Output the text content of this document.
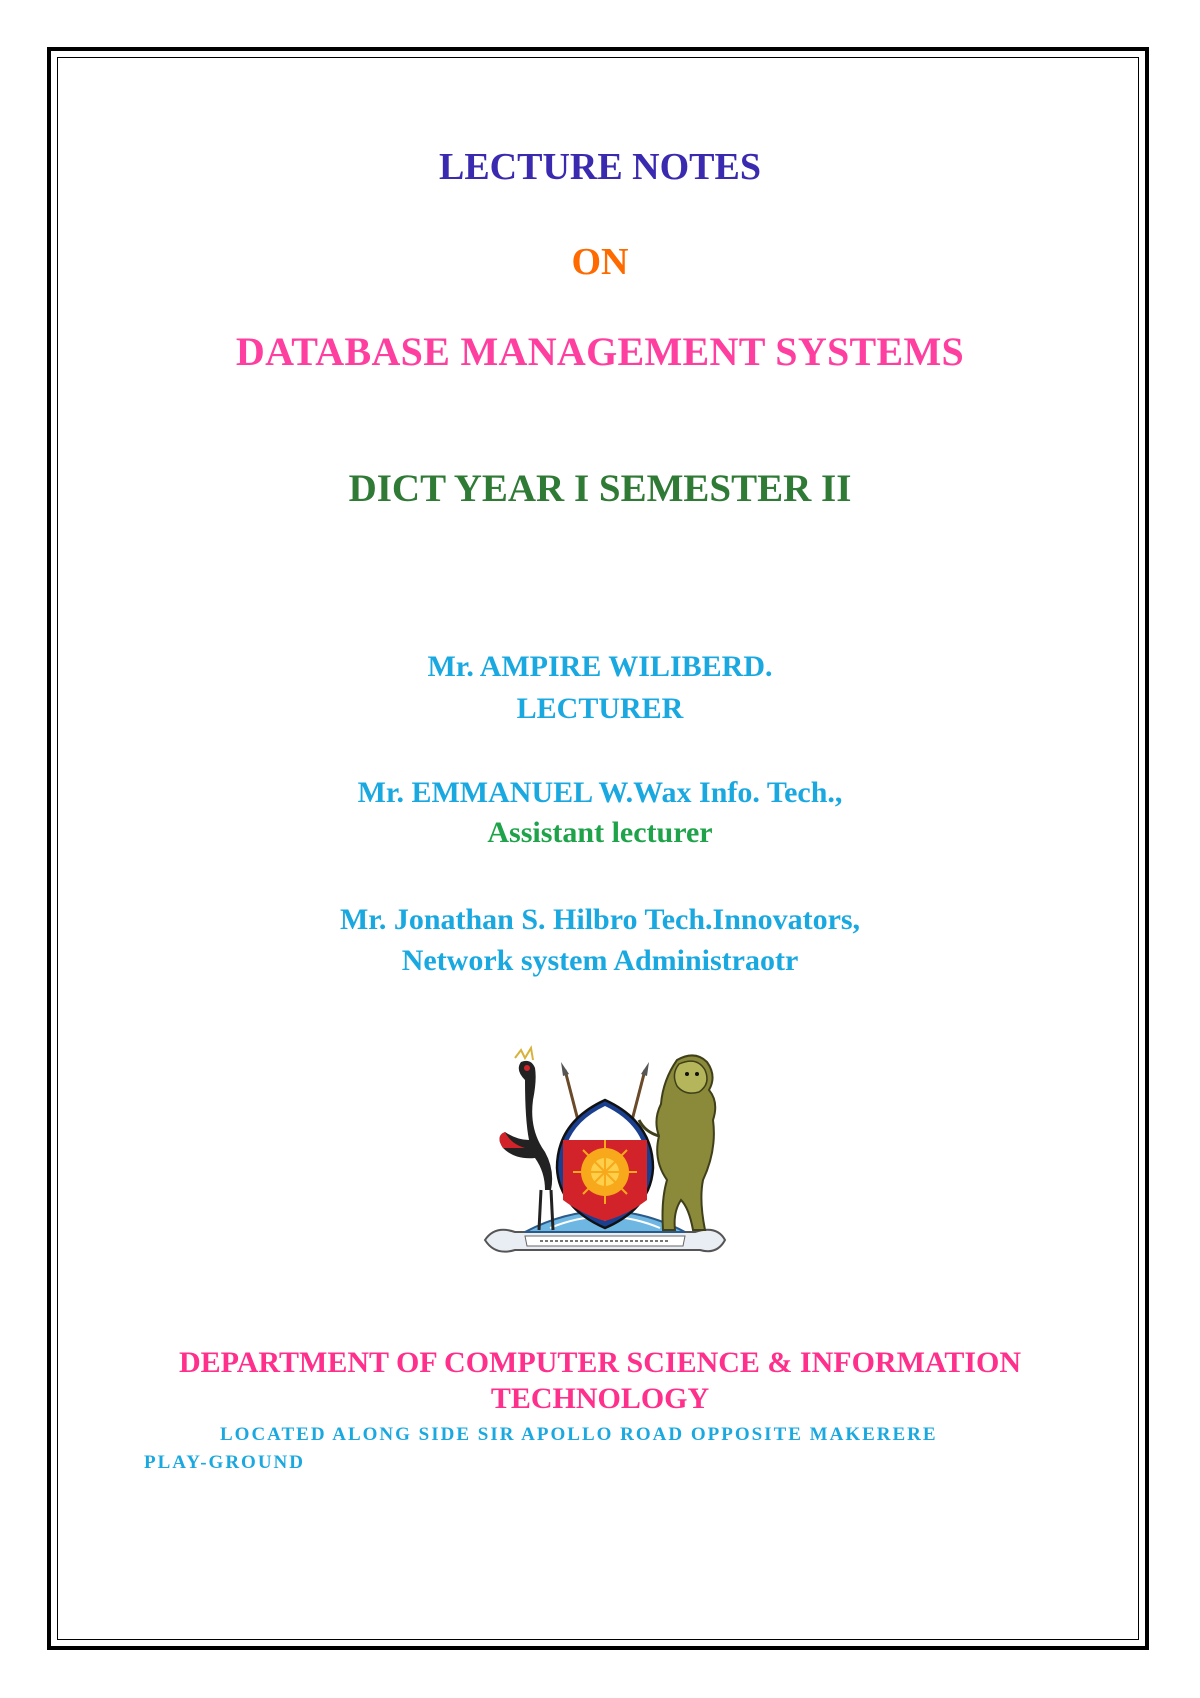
LECTURE NOTES
ON
DATABASE MANAGEMENT SYSTEMS
DICT YEAR I SEMESTER II
Mr. AMPIRE WILIBERD.
LECTURER
Mr. EMMANUEL W.Wax Info. Tech.,
Assistant lecturer
Mr. Jonathan S. Hilbro Tech.Innovators,
Network system Administraotr
DEPARTMENT OF COMPUTER SCIENCE & INFORMATION
TECHNOLOGY
LOCATED ALONG SIDE SIR APOLLO ROAD OPPOSITE MAKERERE
PLAY-GROUND
